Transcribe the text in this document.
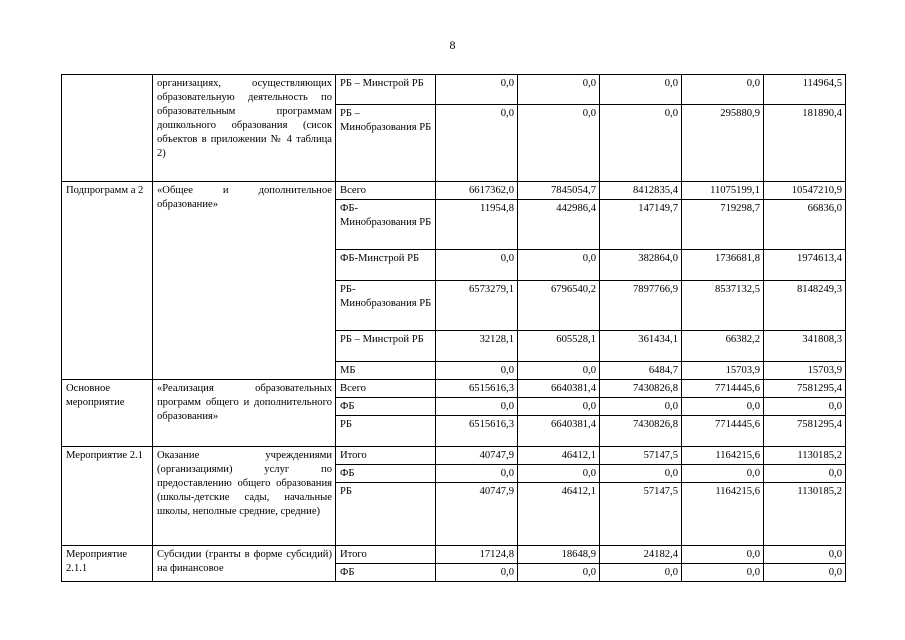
8
	организациях, осуществляющих образовательную деятельность по образовательным программам дошкольного образования (сисок объектов в приложении № 4 таблица 2)	РБ – Минстрой РБ	0,0	0,0	0,0	0,0	114964,5
		РБ – Минобразования РБ	0,0	0,0	0,0	295880,9	181890,4
Подпрограмм а 2	«Общее и дополнительное образование»	Всего	6617362,0	7845054,7	8412835,4	11075199,1	10547210,9
		ФБ-Минобразования РБ	11954,8	442986,4	147149,7	719298,7	66836,0
		ФБ-Минстрой РБ	0,0	0,0	382864,0	1736681,8	1974613,4
		РБ-Минобразования РБ	6573279,1	6796540,2	7897766,9	8537132,5	8148249,3
		РБ – Минстрой РБ	32128,1	605528,1	361434,1	66382,2	341808,3
		МБ	0,0	0,0	6484,7	15703,9	15703,9
Основное мероприятие	«Реализация образовательных программ общего и дополнительного образования»	Всего	6515616,3	6640381,4	7430826,8	7714445,6	7581295,4
		ФБ	0,0	0,0	0,0	0,0	0,0
		РБ	6515616,3	6640381,4	7430826,8	7714445,6	7581295,4
Мероприятие 2.1	Оказание учреждениями (организациями) услуг по предоставлению общего образования (школы-детские сады, начальные школы, неполные средние, средние)	Итого	40747,9	46412,1	57147,5	1164215,6	1130185,2
		ФБ	0,0	0,0	0,0	0,0	0,0
		РБ	40747,9	46412,1	57147,5	1164215,6	1130185,2
Мероприятие 2.1.1	Субсидии (гранты в форме субсидий) на финансовое	Итого	17124,8	18648,9	24182,4	0,0	0,0
		ФБ	0,0	0,0	0,0	0,0	0,0
